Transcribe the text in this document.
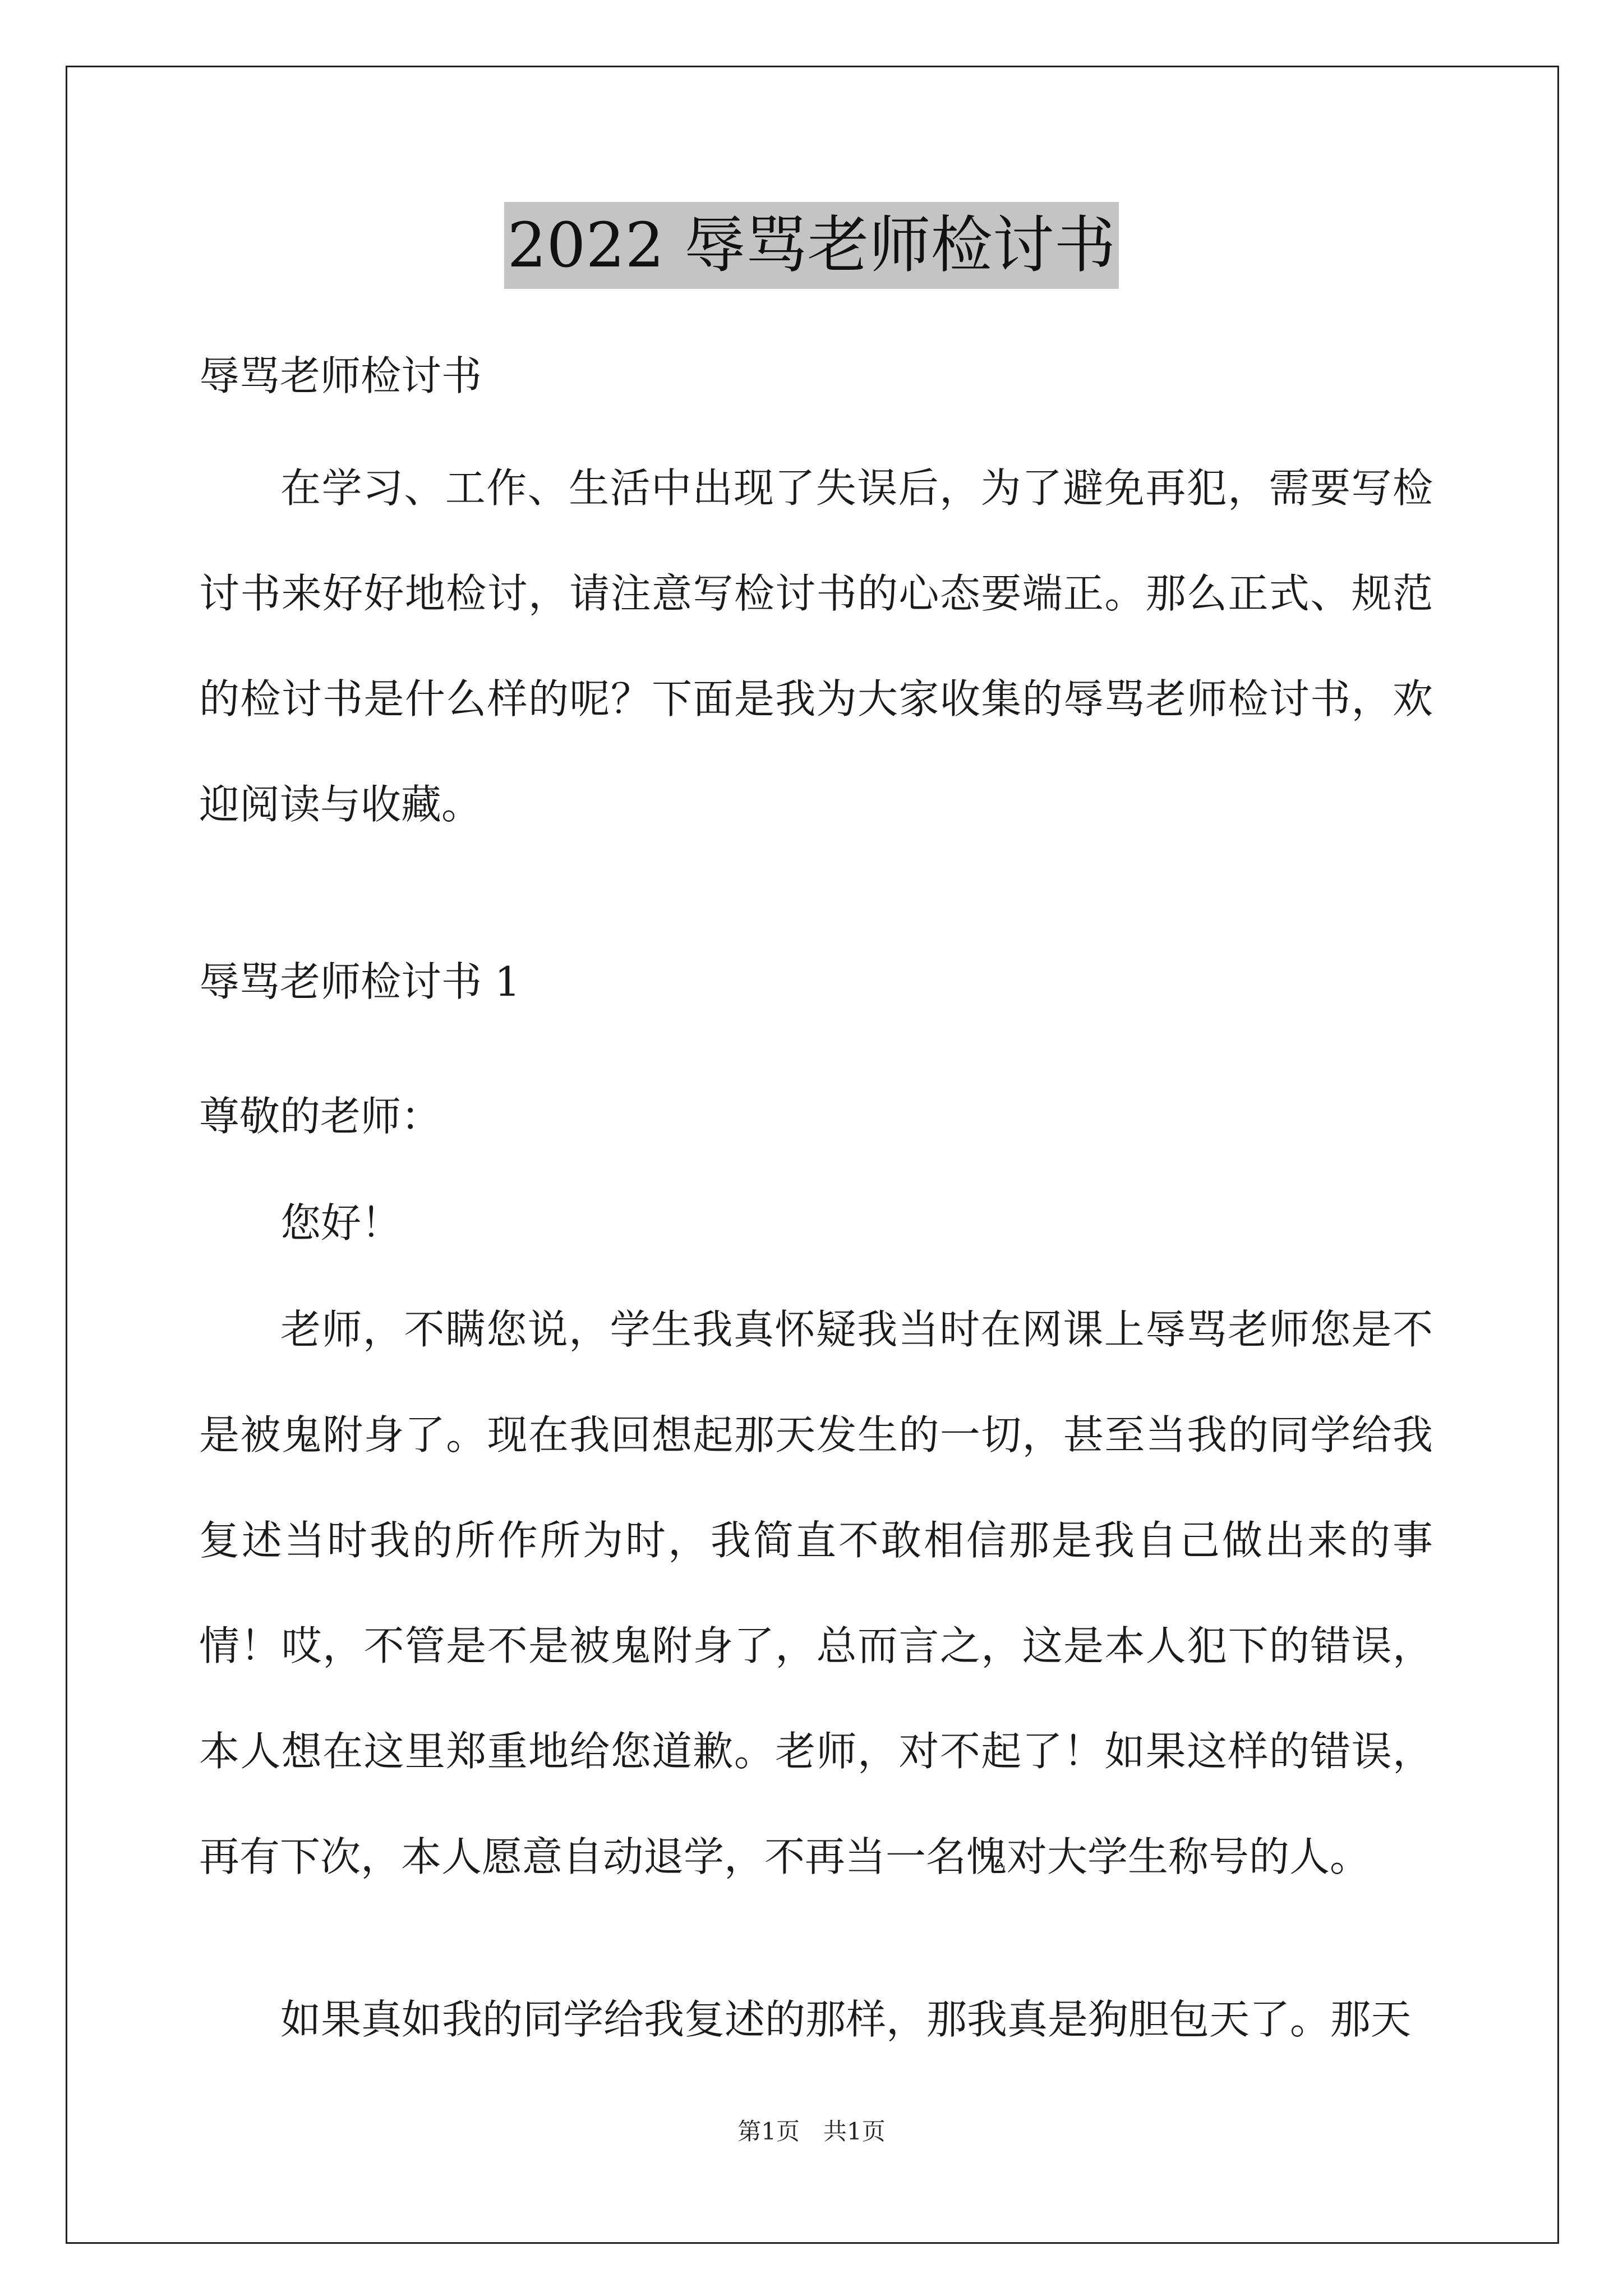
2022 辱骂老师检讨书
辱骂老师检讨书
在学习、工作、生活中出现了失误后，为了避免再犯，需要写检讨书来好好地检讨，请注意写检讨书的心态要端正。那么正式、规范的检讨书是什么样的呢？下面是我为大家收集的辱骂老师检讨书，欢迎阅读与收藏。
辱骂老师检讨书 1
尊敬的老师：
您好！
老师，不瞒您说，学生我真怀疑我当时在网课上辱骂老师您是不是被鬼附身了。现在我回想起那天发生的一切，甚至当我的同学给我复述当时我的所作所为时，我简直不敢相信那是我自己做出来的事情！哎，不管是不是被鬼附身了，总而言之，这是本人犯下的错误，本人想在这里郑重地给您道歉。老师，对不起了！如果这样的错误，再有下次，本人愿意自动退学，不再当一名愧对大学生称号的人。
如果真如我的同学给我复述的那样，那我真是狗胆包天了。那天
第1页　共1页
